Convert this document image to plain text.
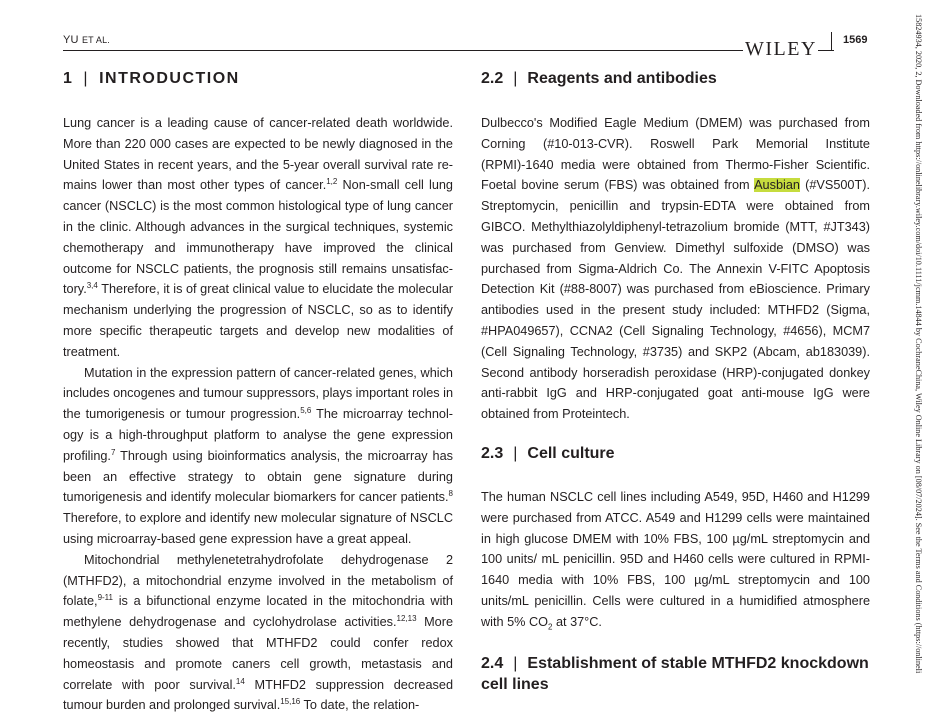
YU ET AL.	WILEY 1569	15824934, 2020, 2, Downloaded from https://onlinelibrary.wiley.com/doi/10.1111/jcmm.14844 by CochraneChina, Wiley Online Library on [08/07/2024]. See the Terms and Conditions (https://onlineli
1 | INTRODUCTION

Lung cancer is a leading cause of cancer-related death worldwide. More than 220 000 cases are expected to be newly diagnosed in the United States in recent years, and the 5-year overall survival rate remains lower than most other types of cancer.$^{1,2}$ Non-small cell lung cancer (NSCLC) is the most common histological type of lung cancer in the clinic. Although advances in the surgical techniques, systemic chemotherapy and immunotherapy have improved the clinical outcome for NSCLC patients, the prognosis still remains unsatisfactory.$^{3,4}$ Therefore, it is of great clinical value to elucidate the molecular mechanism underlying the progression of NSCLC, so as to identify more specific therapeutic targets and develop new modalities of treatment.

Mutation in the expression pattern of cancer-related genes, which includes oncogenes and tumour suppressors, plays important roles in the tumorigenesis or tumour progression.$^{5,6}$ The microarray technology is a high-throughput platform to analyse the gene expression profiling.$^7$ Through using bioinformatics analysis, the microarray has been an effective strategy to obtain gene signature during tumorigenesis and identify molecular biomarkers for cancer patients.$^8$ Therefore, to explore and identify new molecular signature of NSCLC using microarray-based gene expression have a great appeal.

Mitochondrial methylenetetrahydrofolate dehydrogenase 2 (MTHFD2), a mitochondrial enzyme involved in the metabolism of folate,$^{9-11}$ is a bifunctional enzyme located in the mitochondria with methylene dehydrogenase and cyclohydrolase activities.$^{12,13}$ More recently, studies showed that MTHFD2 could confer redox homeostasis and promote caners cell growth, metastasis and correlate with poor survival.$^{14}$ MTHFD2 suppression decreased tumour burden and prolonged survival.$^{15,16}$ To date, the relation-

2.2 | Reagents and antibodies

Dulbecco's Modified Eagle Medium (DMEM) was purchased from Corning (#10-013-CVR). Roswell Park Memorial Institute (RPMI)-1640 media were obtained from Thermo-Fisher Scientific. Foetal bovine serum (FBS) was obtained from Ausbian (#VS500T). Streptomycin, penicillin and trypsin-EDTA were obtained from GIBCO. Methylthiazolyldiphenyl-tetrazolium bromide (MTT, #JT343) was purchased from Genview. Dimethyl sulfoxide (DMSO) was purchased from Sigma-Aldrich Co. The Annexin V-FITC Apoptosis Detection Kit (#88-8007) was purchased from eBioscience. Primary antibodies used in the present study included: MTHFD2 (Sigma, #HPA049657), CCNA2 (Cell Signaling Technology, #4656), MCM7 (Cell Signaling Technology, #3735) and SKP2 (Abcam, ab183039). Second antibody horseradish peroxidase (HRP)-conjugated donkey anti-rabbit IgG and HRP-conjugated goat anti-mouse IgG were obtained from Proteintech.

2.3 | Cell culture

The human NSCLC cell lines including A549, 95D, H460 and H1299 were purchased from ATCC. A549 and H1299 cells were maintained in high glucose DMEM with 10% FBS, 100 µg/mL streptomycin and 100 units/ mL penicillin. 95D and H460 cells were cultured in RPMI-1640 media with 10% FBS, 100 µg/mL streptomycin and 100 units/mL penicillin. Cells were cultured in a humidified atmosphere with 5% $CO_2$ at 37°C.

2.4 | Establishment of stable MTHFD2 knockdown cell lines
